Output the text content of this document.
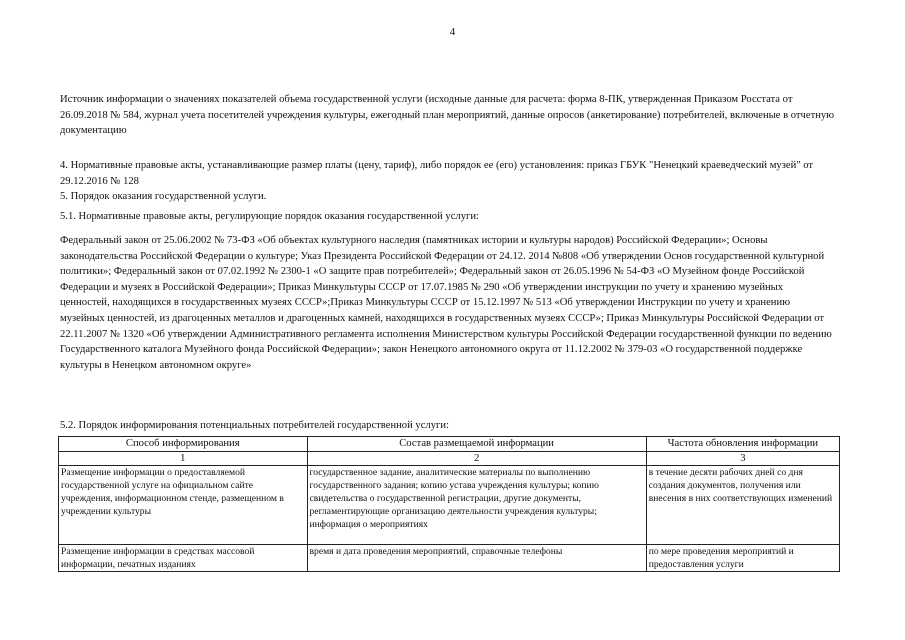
4

Источник информации о значениях показателей объема государственной услуги (исходные данные для расчета: форма 8-ПК, утвержденная Приказом Росстата от 26.09.2018 № 584, журнал учета посетителей учреждения культуры, ежегодный план мероприятий, данные опросов (анкетирование) потребителей, включеные в отчетную документацию

4. Нормативные правовые акты, устанавливающие размер платы (цену, тариф), либо порядок ее (его) установления: приказ ГБУК "Ненецкий краеведческий музей" от 29.12.2016 № 128

5. Порядок оказания государственной услуги.

5.1. Нормативные правовые акты, регулирующие порядок оказания государственной услуги:

Федеральный закон от 25.06.2002 № 73-ФЗ «Об объектах культурного наследия (памятниках истории и культуры народов) Российской Федерации»; Основы законодательства Российской Федерации о культуре; Указ Президента Российской Федерации от 24.12. 2014 №808 «Об утверждении Основ государственной культурной политики»; Федеральный закон от 07.02.1992 № 2300-1 «О защите прав потребителей»; Федеральный закон от 26.05.1996 № 54-ФЗ «О Музейном фонде Российской Федерации и музеях в Российской Федерации»; Приказ Минкультуры СССР от 17.07.1985 № 290 «Об утверждении инструкции по учету и хранению музейных ценностей, находящихся в государственных музеях СССР»;Приказ Минкультуры СССР от 15.12.1997 № 513 «Об утверждении Инструкции по учету и хранению музейных ценностей, из драгоценных металлов и драгоценных камней, находящихся в государственных музеях СССР»; Приказ Минкультуры Российской Федерации от 22.11.2007 № 1320 «Об утверждении Административного регламента исполнения Министерством культуры Российской Федерации государственной функции по ведению Государственного каталога Музейного фонда Российской Федерации»; закон Ненецкого автономного округа от 11.12.2002 № 379-03 «О государственной поддержке культуры в Ненецком автономном округе»

5.2. Порядок информирования потенциальных потребителей государственной услуги:

Способ информирования	Состав размещаемой информации	Частота обновления информации
1	2	3
Размещение информации о предоставляемой государственной услуге на официальном сайте учреждения, информационном стенде, размещенном в учреждении культуры	государственное задание, аналитические материалы по выполнению государственного задания; копию устава учреждения культуры; копию свидетельства о государственной регистрации, другие документы, регламентирующие организацию деятельности учреждения культуры; информация о мероприятиях	в течение десяти рабочих дней со дня создания документов, получения или внесения в них соответствующих изменений
Размещение информации в средствах массовой информации, печатных изданиях	время и дата проведения мероприятий, справочные телефоны	по мере проведения мероприятий и предоставления услуги
